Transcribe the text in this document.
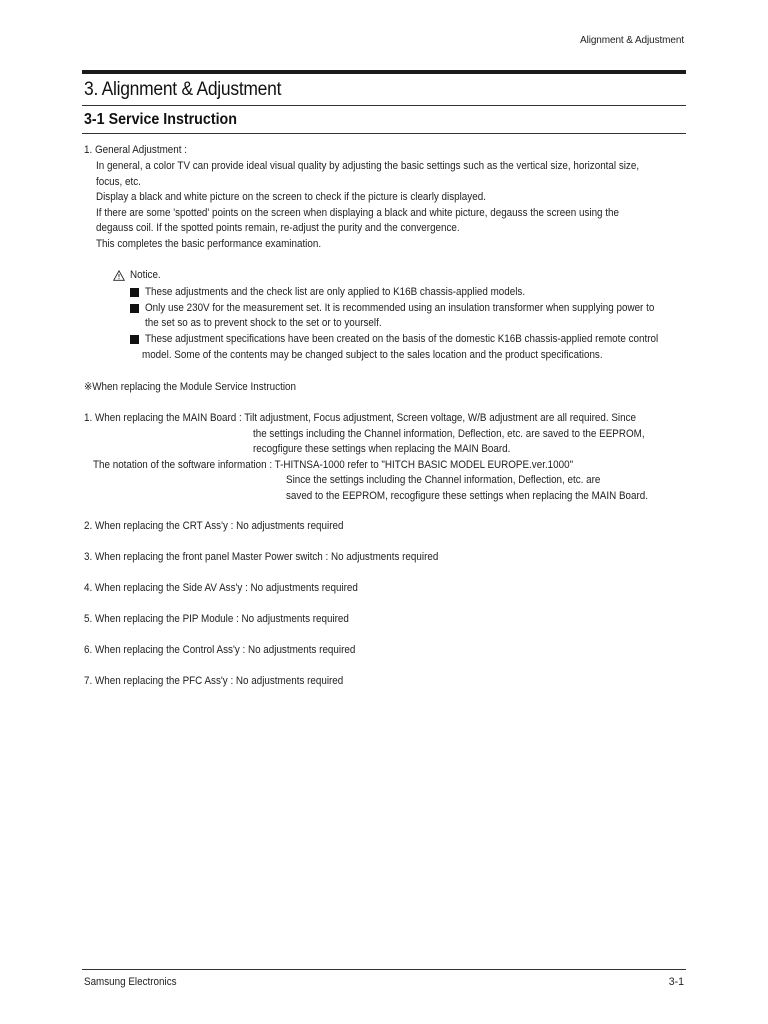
Alignment & Adjustment
3. Alignment & Adjustment
3-1 Service Instruction
1. General Adjustment :
In general, a color TV can provide ideal visual quality by adjusting the basic settings such as the vertical size, horizontal size,
focus, etc.
Display a black and white picture on the screen to check if the picture is clearly displayed.
If there are some 'spotted' points on the screen when displaying a black and white picture, degauss the screen using the
degauss coil. If the spotted points remain, re-adjust the purity and the convergence.
This completes the basic performance examination.
Notice.
These adjustments and the check list are only applied to K16B chassis-applied models.
Only use 230V for the measurement set. It is recommended using an insulation transformer when supplying power to
the set so as to prevent shock to the set or to yourself.
These adjustment specifications have been created on the basis of the domestic K16B chassis-applied remote control
model. Some of the contents may be changed subject to the sales location and the product specifications.
※When replacing the Module Service Instruction
1. When replacing the MAIN Board : Tilt adjustment, Focus adjustment, Screen voltage, W/B adjustment are all required. Since
the settings including the Channel information, Deflection, etc. are saved to the EEPROM,
recogfigure these settings when replacing the MAIN Board.
The notation of the software information : T-HITNSA-1000 refer to "HITCH BASIC MODEL EUROPE.ver.1000"
Since the settings including the Channel information, Deflection, etc. are
saved to the EEPROM, recogfigure these settings when replacing the MAIN Board.
2. When replacing the CRT Ass'y : No adjustments required
3. When replacing the front panel Master Power switch : No adjustments required
4. When replacing the Side AV Ass'y : No adjustments required
5. When replacing the PIP Module : No adjustments required
6. When replacing the Control Ass'y : No adjustments required
7. When replacing the PFC Ass'y : No adjustments required
Samsung Electronics	3-1
